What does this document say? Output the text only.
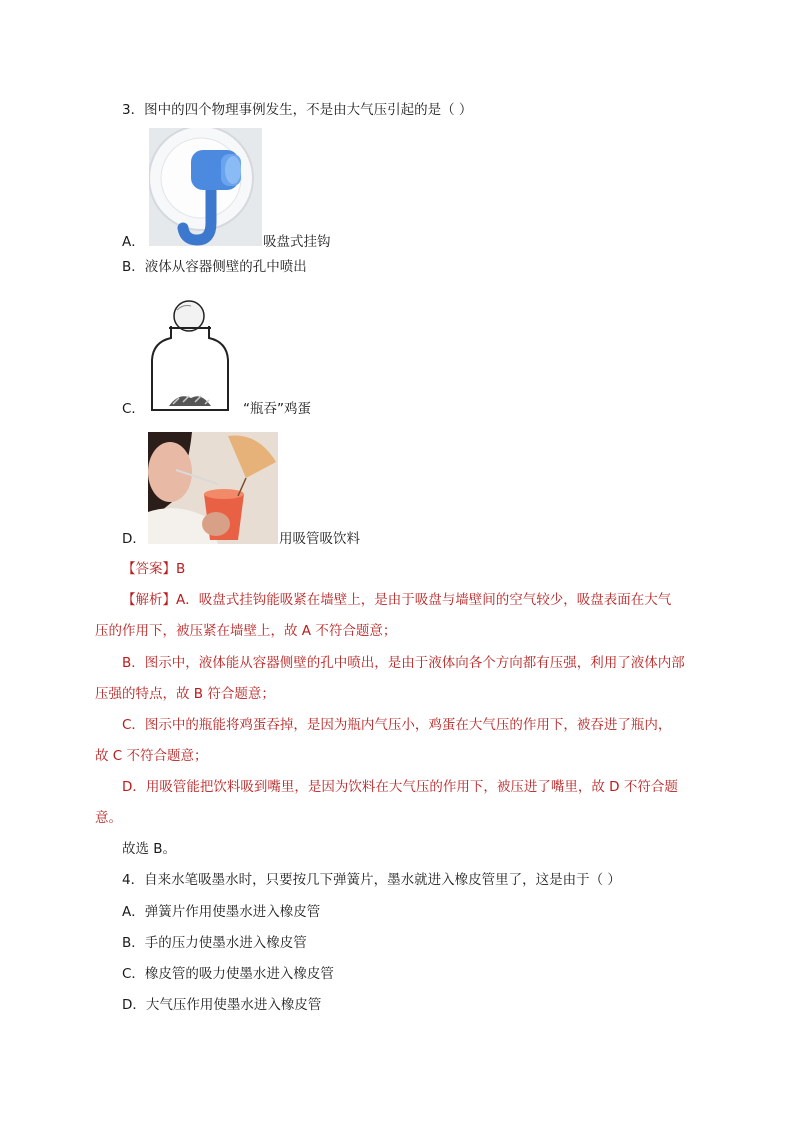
3．图中的四个物理事例发生，不是由大气压引起的是（ ）
A．	吸盘式挂钩
B．液体从容器侧壁的孔中喷出
C．	“瓶吞”鸡蛋
D．	用吸管吸饮料
【答案】B
【解析】A．吸盘式挂钩能吸紧在墙壁上，是由于吸盘与墙壁间的空气较少，吸盘表面在大气
压的作用下，被压紧在墙壁上，故 A 不符合题意；
B．图示中，液体能从容器侧壁的孔中喷出，是由于液体向各个方向都有压强，利用了液体内部
压强的特点，故 B 符合题意；
C．图示中的瓶能将鸡蛋吞掉，是因为瓶内气压小，鸡蛋在大气压的作用下，被吞进了瓶内，
故 C 不符合题意；
D．用吸管能把饮料吸到嘴里，是因为饮料在大气压的作用下，被压进了嘴里，故 D 不符合题
意。
故选 B。
4．自来水笔吸墨水时，只要按几下弹簧片，墨水就进入橡皮管里了，这是由于（ ）
A．弹簧片作用使墨水进入橡皮管
B．手的压力使墨水进入橡皮管
C．橡皮管的吸力使墨水进入橡皮管
D．大气压作用使墨水进入橡皮管
